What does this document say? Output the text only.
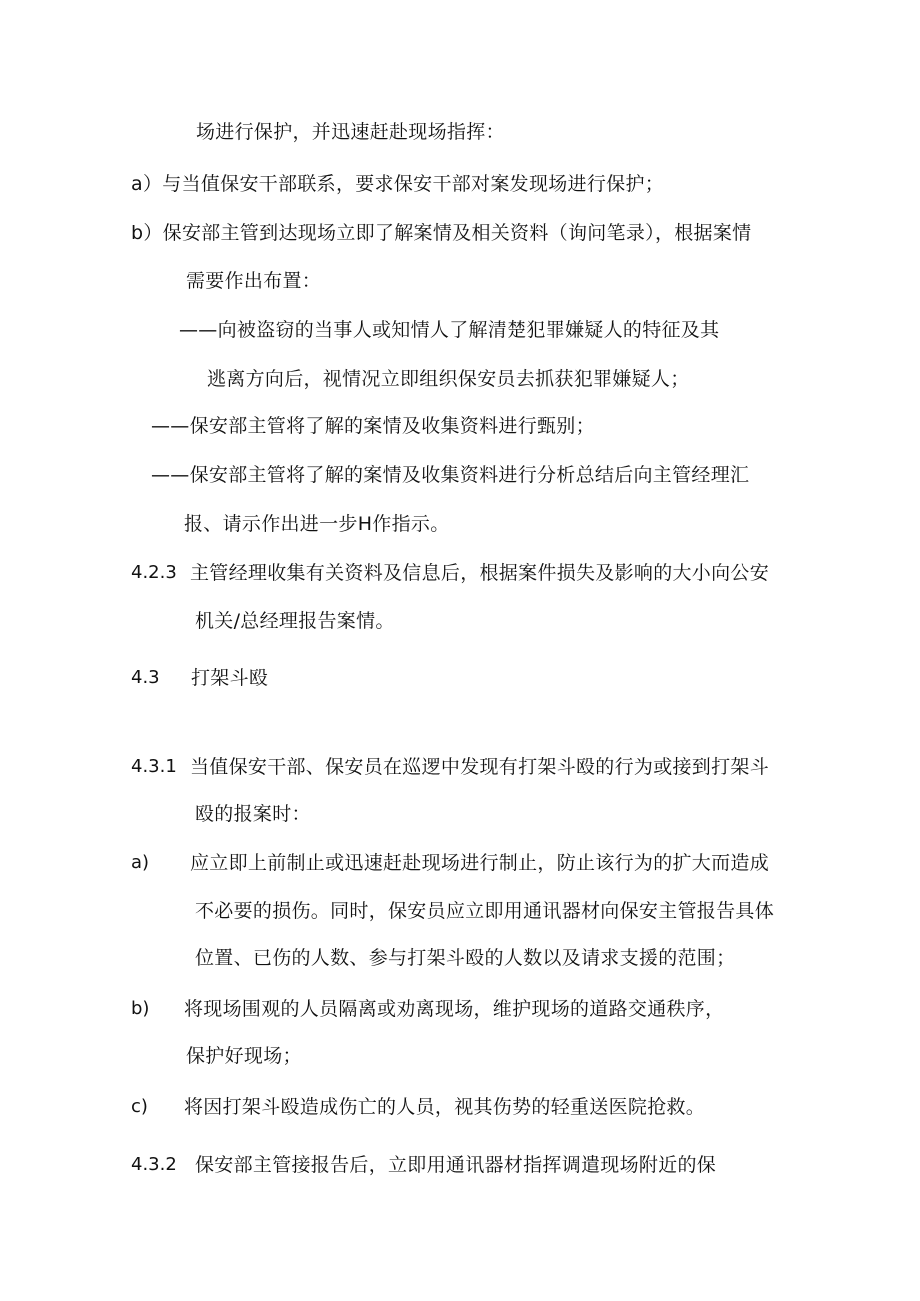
场进行保护，并迅速赶赴现场指挥：
a）与当值保安干部联系，要求保安干部对案发现场进行保护；
b）保安部主管到达现场立即了解案情及相关资料（询问笔录），根据案情
需要作出布置：
——向被盗窃的当事人或知情人了解清楚犯罪嫌疑人的特征及其
逃离方向后，视情况立即组织保安员去抓获犯罪嫌疑人；
——保安部主管将了解的案情及收集资料进行甄别；
——保安部主管将了解的案情及收集资料进行分析总结后向主管经理汇
报、请示作出进一步H作指示。
4.2.3 主管经理收集有关资料及信息后，根据案件损失及影响的大小向公安
机关/总经理报告案情。
4.3 打架斗殴
4.3.1 当值保安干部、保安员在巡逻中发现有打架斗殴的行为或接到打架斗
殴的报案时：
a) 应立即上前制止或迅速赶赴现场进行制止，防止该行为的扩大而造成
不必要的损伤。同时，保安员应立即用通讯器材向保安主管报告具体
位置、已伤的人数、参与打架斗殴的人数以及请求支援的范围；
b) 将现场围观的人员隔离或劝离现场，维护现场的道路交通秩序，
保护好现场；
c) 将因打架斗殴造成伤亡的人员，视其伤势的轻重送医院抢救。
4.3.2 保安部主管接报告后，立即用通讯器材指挥调遣现场附近的保
